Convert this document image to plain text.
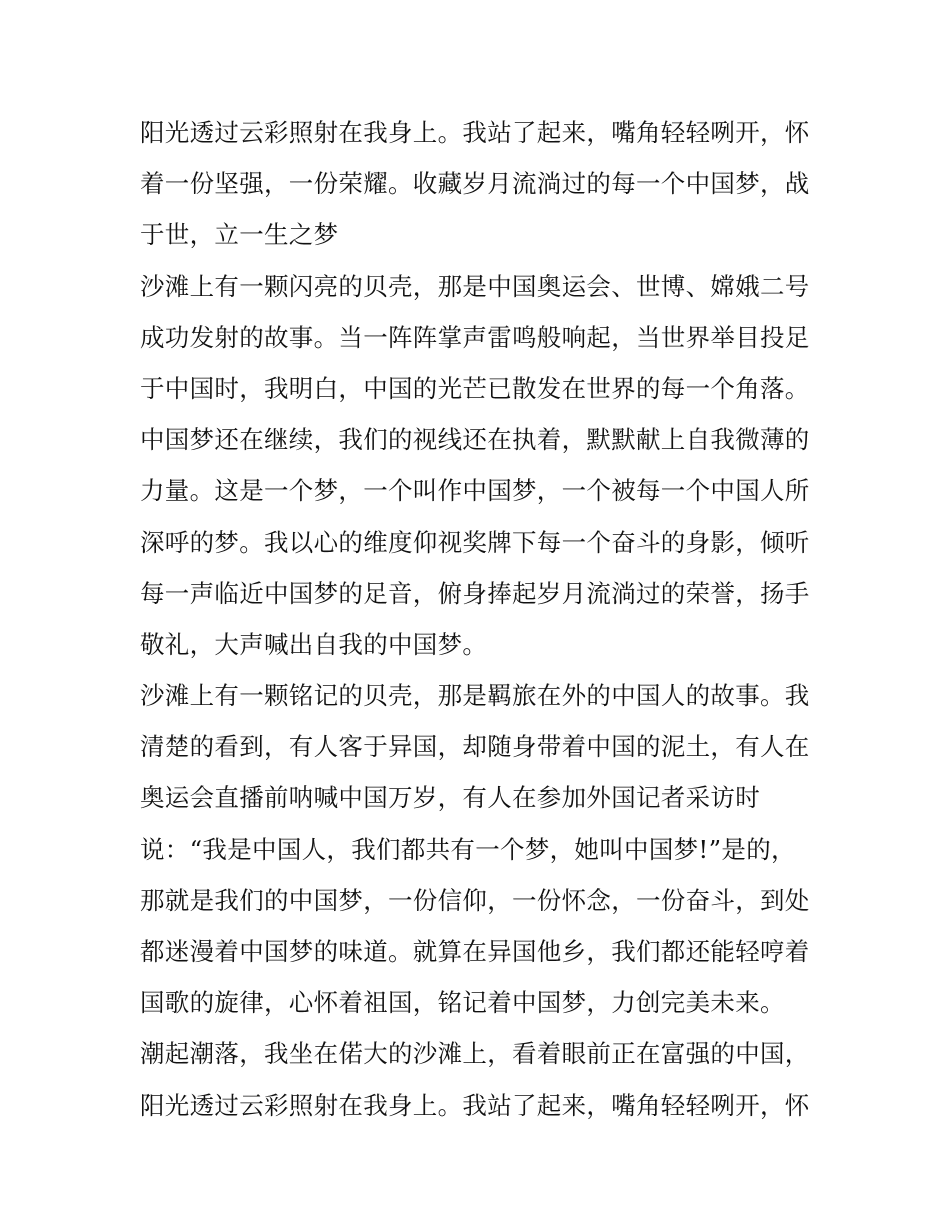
阳光透过云彩照射在我身上。我站了起来，嘴角轻轻咧开，怀
着一份坚强，一份荣耀。收藏岁月流淌过的每一个中国梦，战
于世，立一生之梦
沙滩上有一颗闪亮的贝壳，那是中国奥运会、世博、嫦娥二号
成功发射的故事。当一阵阵掌声雷鸣般响起，当世界举目投足
于中国时，我明白，中国的光芒已散发在世界的每一个角落。
中国梦还在继续，我们的视线还在执着，默默献上自我微薄的
力量。这是一个梦，一个叫作中国梦，一个被每一个中国人所
深呼的梦。我以心的维度仰视奖牌下每一个奋斗的身影，倾听
每一声临近中国梦的足音，俯身捧起岁月流淌过的荣誉，扬手
敬礼，大声喊出自我的中国梦。
沙滩上有一颗铭记的贝壳，那是羁旅在外的中国人的故事。我
清楚的看到，有人客于异国，却随身带着中国的泥土，有人在
奥运会直播前呐喊中国万岁，有人在参加外国记者采访时
说：“我是中国人，我们都共有一个梦，她叫中国梦!”是的，
那就是我们的中国梦，一份信仰，一份怀念，一份奋斗，到处
都迷漫着中国梦的味道。就算在异国他乡，我们都还能轻哼着
国歌的旋律，心怀着祖国，铭记着中国梦，力创完美未来。
潮起潮落，我坐在偌大的沙滩上，看着眼前正在富强的中国，
阳光透过云彩照射在我身上。我站了起来，嘴角轻轻咧开，怀
